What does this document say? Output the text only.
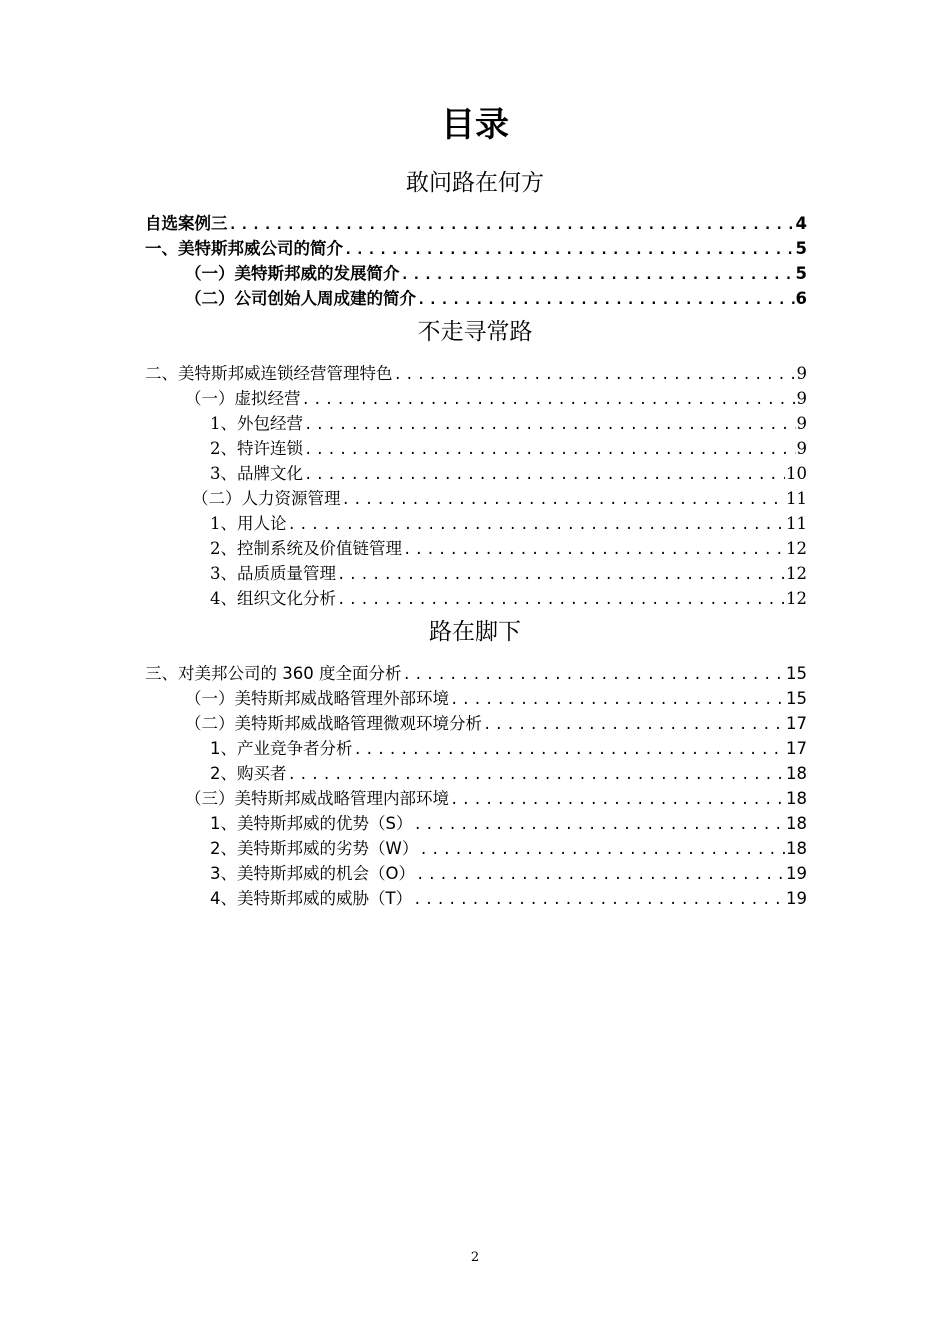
目录
敢问路在何方
自选案例三 .....	4
一、美特斯邦威公司的简介 .....	5
（一）美特斯邦威的发展简介 .....	5
（二）公司创始人周成建的简介 .....	6
不走寻常路
二、美特斯邦威连锁经营管理特色 .....	9
（一）虚拟经营 .....	9
1、外包经营 .....	9
2、特许连锁 .....	9
3、品牌文化 .....	10
（二）人力资源管理 .....	11
1、用人论 .....	11
2、控制系统及价值链管理 .....	12
3、品质质量管理 .....	12
4、组织文化分析 .....	12
路在脚下
三、对美邦公司的 360 度全面分析 .....	15
（一）美特斯邦威战略管理外部环境 .....	15
（二）美特斯邦威战略管理微观环境分析 .....	17
1、产业竞争者分析 .....	17
2、购买者 .....	18
（三）美特斯邦威战略管理内部环境 .....	18
1、美特斯邦威的优势（S） .....	18
2、美特斯邦威的劣势（W） .....	18
3、美特斯邦威的机会（O） .....	19
4、美特斯邦威的威胁（T） .....	19
2
